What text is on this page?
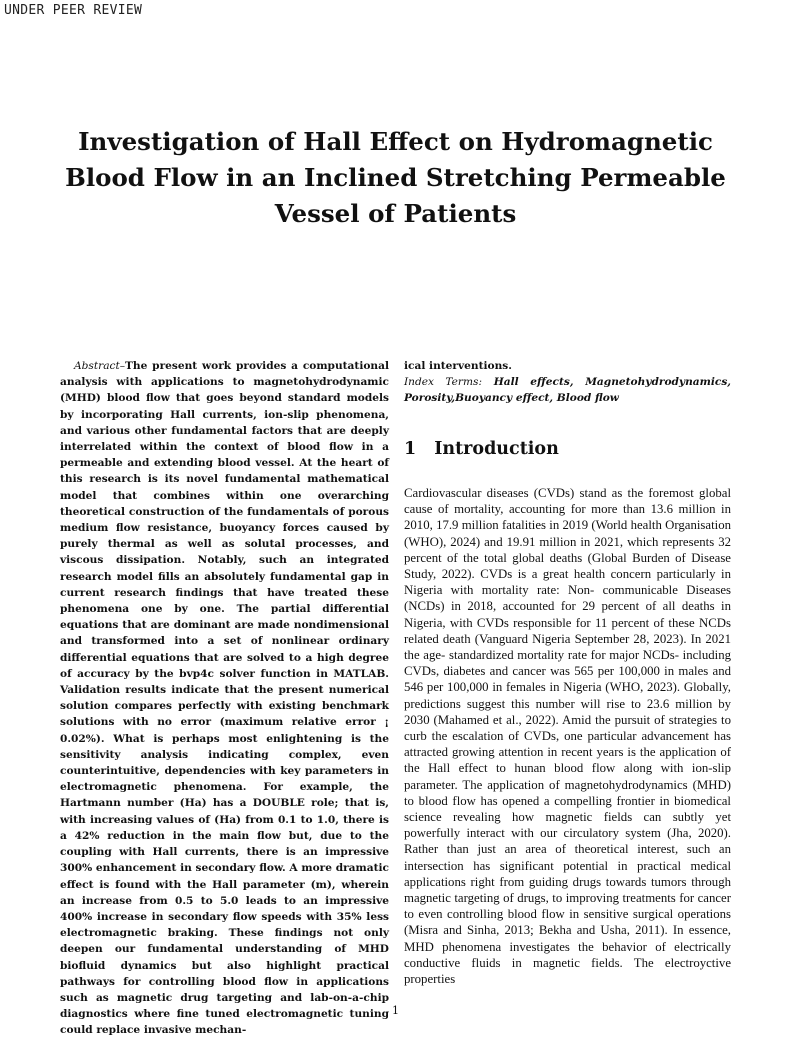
UNDER PEER REVIEW
Investigation of Hall Effect on Hydromagnetic
Blood Flow in an Inclined Stretching Permeable
Vessel of Patients

Abstract–The present work provides a computational analysis with applications to magnetohydrodynamic (MHD) blood flow that goes beyond standard models by incorporating Hall currents, ion-slip phenomena, and various other fundamental factors that are deeply interrelated within the context of blood flow in a permeable and extending blood vessel. At the heart of this research is its novel fundamental mathematical model that combines within one overarching theoretical construction of the fundamentals of porous medium flow resistance, buoyancy forces caused by purely thermal as well as solutal processes, and viscous dissipation. Notably, such an integrated research model fills an absolutely fundamental gap in current research findings that have treated these phenomena one by one. The partial differential equations that are dominant are made nondimensional and transformed into a set of nonlinear ordinary differential equations that are solved to a high degree of accuracy by the bvp4c solver function in MATLAB. Validation results indicate that the present numerical solution compares perfectly with existing benchmark solutions with no error (maximum relative error ¡ 0.02%). What is perhaps most enlightening is the sensitivity analysis indicating complex, even counterintuitive, dependencies with key parameters in electromagnetic phenomena. For example, the Hartmann number (Ha) has a DOUBLE role; that is, with increasing values of (Ha) from 0.1 to 1.0, there is a 42% reduction in the main flow but, due to the coupling with Hall currents, there is an impressive 300% enhancement in secondary flow. A more dramatic effect is found with the Hall parameter (m), wherein an increase from 0.5 to 5.0 leads to an impressive 400% increase in secondary flow speeds with 35% less electromagnetic braking. These findings not only deepen our fundamental understanding of MHD biofluid dynamics but also highlight practical pathways for controlling blood flow in applications such as magnetic drug targeting and lab-on-a-chip diagnostics where fine tuned electromagnetic tuning could replace invasive mechan-

ical interventions.

Index Terms: Hall effects, Magnetohydrodynamics, Porosity,Buoyancy effect, Blood flow

1 Introduction

Cardiovascular diseases (CVDs) stand as the foremost global cause of mortality, accounting for more than 13.6 million in 2010, 17.9 million fatalities in 2019 (World health Organisation (WHO), 2024) and 19.91 million in 2021, which represents 32 percent of the total global deaths (Global Burden of Disease Study, 2022). CVDs is a great health concern particularly in Nigeria with mortality rate: Non- communicable Diseases (NCDs) in 2018, accounted for 29 percent of all deaths in Nigeria, with CVDs responsible for 11 percent of these NCDs related death (Vanguard Nigeria September 28, 2023). In 2021 the age- standardized mortality rate for major NCDs- including CVDs, diabetes and cancer was 565 per 100,000 in males and 546 per 100,000 in females in Nigeria (WHO, 2023). Globally, predictions suggest this number will rise to 23.6 million by 2030 (Mahamed et al., 2022). Amid the pursuit of strategies to curb the escalation of CVDs, one particular advancement has attracted growing attention in recent years is the application of the Hall effect to hunan blood flow along with ion-slip parameter. The application of magnetohydrodynamics (MHD) to blood flow has opened a compelling frontier in biomedical science revealing how magnetic fields can subtly yet powerfully interact with our circulatory system (Jha, 2020). Rather than just an area of theoretical interest, such an intersection has significant potential in practical medical applications right from guiding drugs towards tumors through magnetic targeting of drugs, to improving treatments for cancer to even controlling blood flow in sensitive surgical operations (Misra and Sinha, 2013; Bekha and Usha, 2011). In essence, MHD phenomena investigates the behavior of electrically conductive fluids in magnetic fields. The electroyctive properties

1
